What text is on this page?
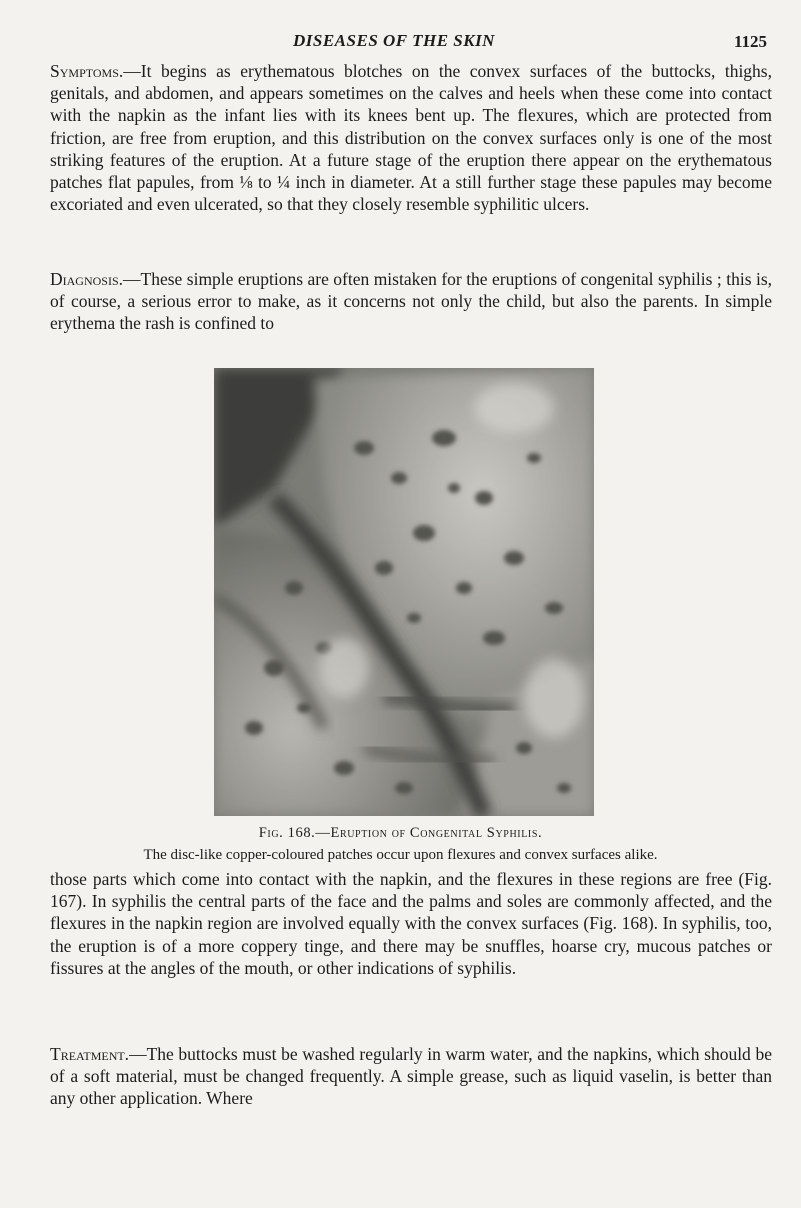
DISEASES OF THE SKIN	1125

Symptoms.—It begins as erythematous blotches on the convex surfaces of the buttocks, thighs, genitals, and abdomen, and appears sometimes on the calves and heels when these come into contact with the napkin as the infant lies with its knees bent up. The flexures, which are protected from friction, are free from eruption, and this distribution on the convex surfaces only is one of the most striking features of the eruption. At a future stage of the eruption there appear on the erythematous patches flat papules, from ⅛ to ¼ inch in diameter. At a still further stage these papules may become excoriated and even ulcerated, so that they closely resemble syphilitic ulcers.

Diagnosis.—These simple eruptions are often mistaken for the eruptions of congenital syphilis ; this is, of course, a serious error to make, as it concerns not only the child, but also the parents. In simple erythema the rash is confined to

Fig. 168.—Eruption of Congenital Syphilis.

The disc-like copper-coloured patches occur upon flexures and convex surfaces alike.

those parts which come into contact with the napkin, and the flexures in these regions are free (Fig. 167). In syphilis the central parts of the face and the palms and soles are commonly affected, and the flexures in the napkin region are involved equally with the convex surfaces (Fig. 168). In syphilis, too, the eruption is of a more coppery tinge, and there may be snuffles, hoarse cry, mucous patches or fissures at the angles of the mouth, or other indications of syphilis.

Treatment.—The buttocks must be washed regularly in warm water, and the napkins, which should be of a soft material, must be changed frequently. A simple grease, such as liquid vaselin, is better than any other application. Where
